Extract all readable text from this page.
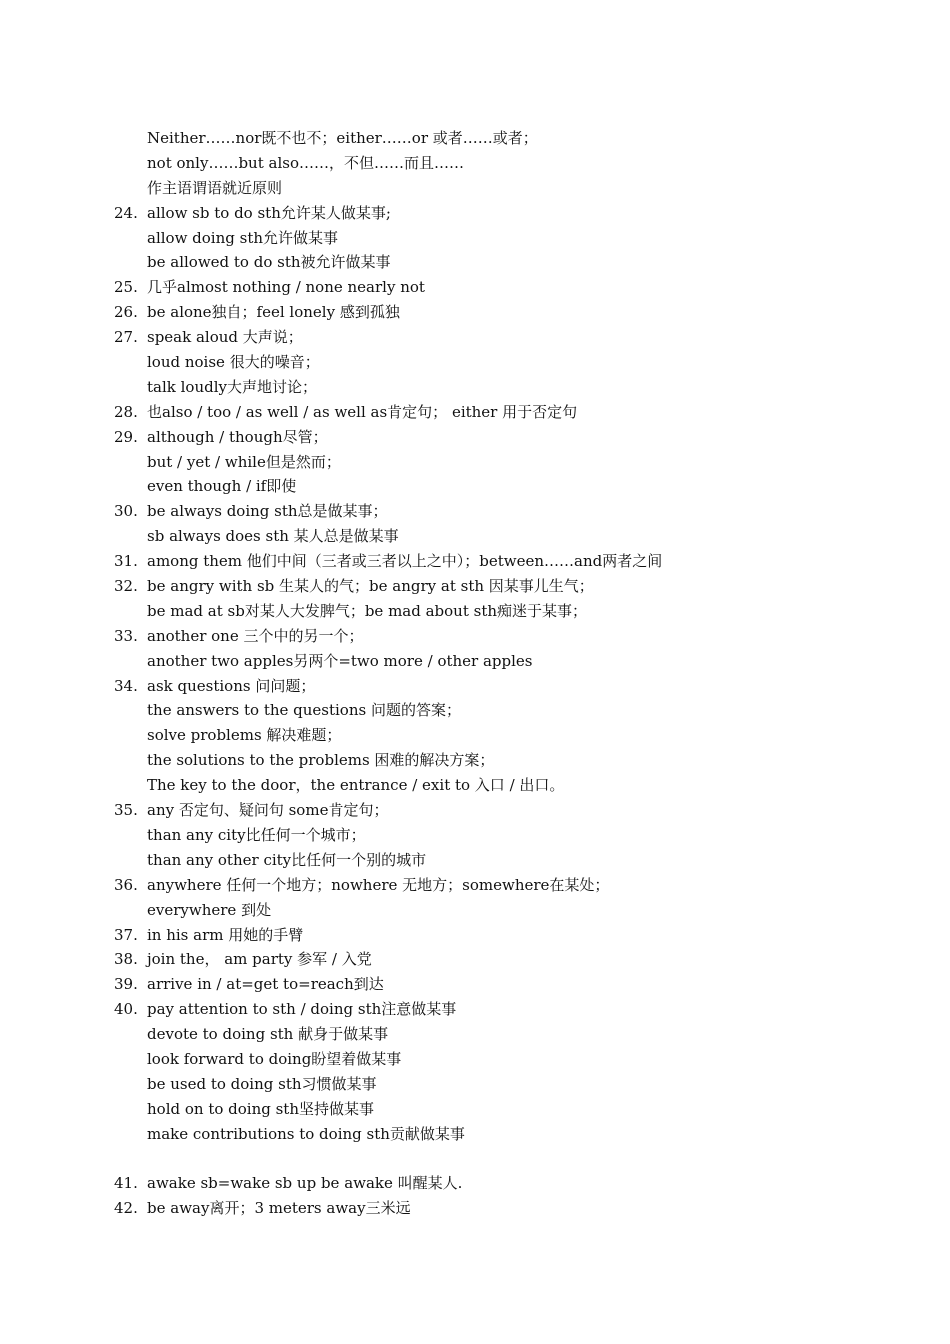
Neither……nor既不也不；either……or 或者……或者；
not only……but also……，不但……而且……
作主语谓语就近原则
24. allow sb to do sth允许某人做某事;
allow doing sth允许做某事
be allowed to do sth被允许做某事
25. 几乎almost nothing / none nearly not
26. be alone独自；feel lonely 感到孤独
27. speak aloud 大声说；
loud noise 很大的噪音；
talk loudly大声地讨论；
28. 也also / too / as well / as well as肯定句； either 用于否定句
29. although / though尽管；
but / yet / while但是然而；
even though / if即使
30. be always doing sth总是做某事；
sb always does sth 某人总是做某事
31. among them 他们中间（三者或三者以上之中）；between……and两者之间
32. be angry with sb 生某人的气；be angry at sth 因某事儿生气；
be mad at sb对某人大发脾气；be mad about sth痴迷于某事；
33. another one 三个中的另一个；
another two apples另两个=two more / other apples
34. ask questions 问问题；
the answers to the questions 问题的答案；
solve problems 解决难题；
the solutions to the problems 困难的解决方案；
The key to the door，the entrance / exit to 入口 / 出口。
35. any 否定句、疑问句 some肯定句；
than any city比任何一个城市；
than any other city比任何一个别的城市
36. anywhere 任何一个地方；nowhere 无地方；somewhere在某处；
everywhere 到处
37. in his arm 用她的手臂
38. join the， am party 参军 / 入党
39. arrive in / at=get to=reach到达
40. pay attention to sth / doing sth注意做某事
devote to doing sth 献身于做某事
look forward to doing盼望着做某事
be used to doing sth习惯做某事
hold on to doing sth坚持做某事
make contributions to doing sth贡献做某事
41. awake sb=wake sb up be awake 叫醒某人.
42. be away离开；3 meters away三米远
